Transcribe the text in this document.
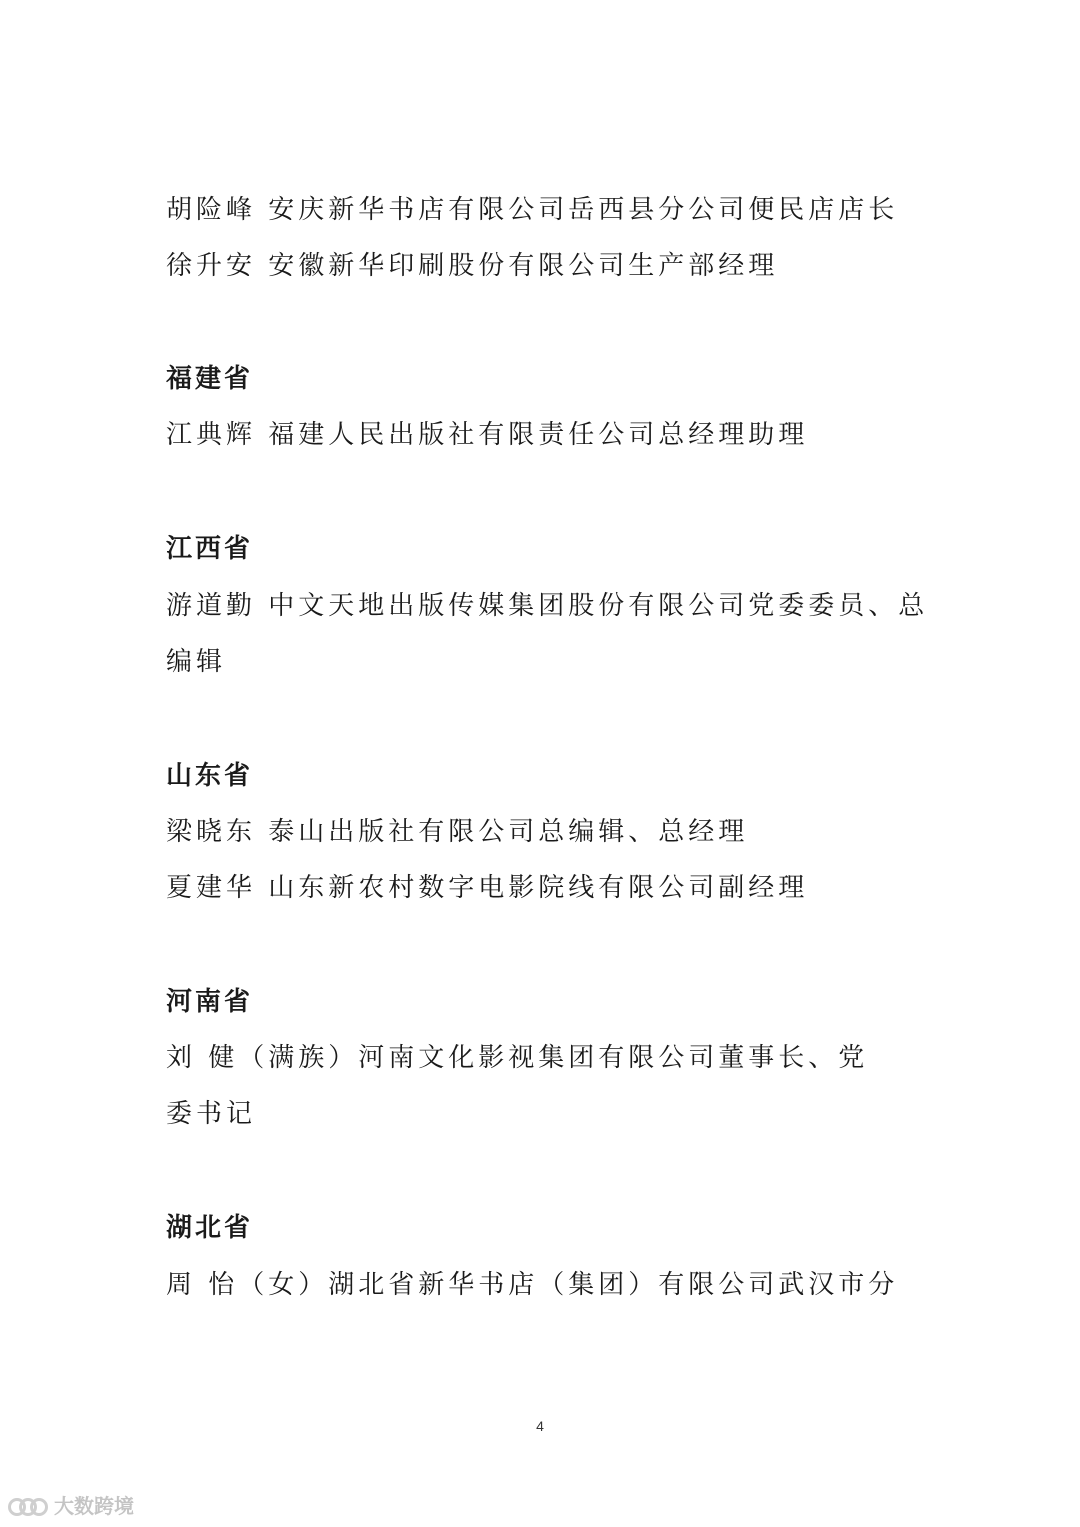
胡险峰 安庆新华书店有限公司岳西县分公司便民店店长
徐升安 安徽新华印刷股份有限公司生产部经理
福建省
江典辉 福建人民出版社有限责任公司总经理助理
江西省
游道勤 中文天地出版传媒集团股份有限公司党委委员、总
编辑
山东省
梁晓东 泰山出版社有限公司总编辑、总经理
夏建华 山东新农村数字电影院线有限公司副经理
河南省
刘 健（满族）河南文化影视集团有限公司董事长、党
委书记
湖北省
周 怡（女）湖北省新华书店（集团）有限公司武汉市分
4
大数跨境
